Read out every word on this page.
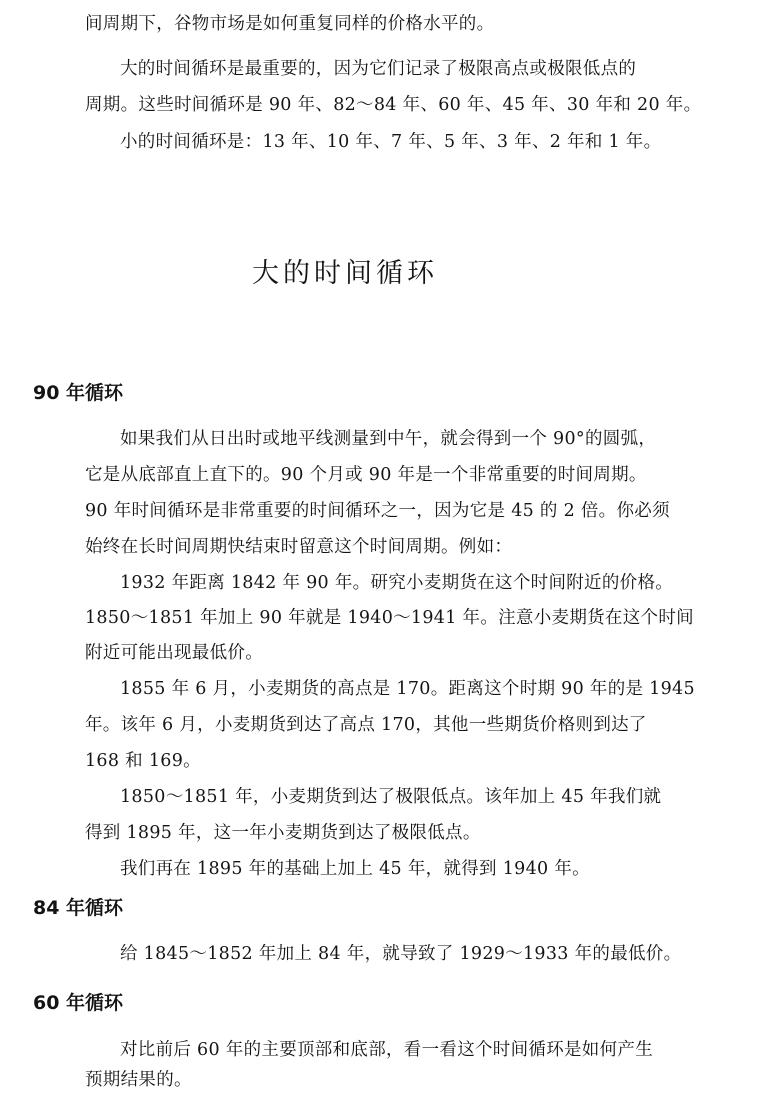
间周期下，谷物市场是如何重复同样的价格水平的。

大的时间循环是最重要的，因为它们记录了极限高点或极限低点的

周期。这些时间循环是 90 年、82～84 年、60 年、45 年、30 年和 20 年。

小的时间循环是：13 年、10 年、7 年、5 年、3 年、2 年和 1 年。

大的时间循环
90 年循环

如果我们从日出时或地平线测量到中午，就会得到一个 90°的圆弧，

它是从底部直上直下的。90 个月或 90 年是一个非常重要的时间周期。

90 年时间循环是非常重要的时间循环之一，因为它是 45 的 2 倍。你必须

始终在长时间周期快结束时留意这个时间周期。例如：

1932 年距离 1842 年 90 年。研究小麦期货在这个时间附近的价格。

1850～1851 年加上 90 年就是 1940～1941 年。注意小麦期货在这个时间

附近可能出现最低价。

1855 年 6 月，小麦期货的高点是 170。距离这个时期 90 年的是 1945

年。该年 6 月，小麦期货到达了高点 170，其他一些期货价格则到达了

168 和 169。

1850～1851 年，小麦期货到达了极限低点。该年加上 45 年我们就

得到 1895 年，这一年小麦期货到达了极限低点。

我们再在 1895 年的基础上加上 45 年，就得到 1940 年。

84 年循环

给 1845～1852 年加上 84 年，就导致了 1929～1933 年的最低价。

60 年循环

对比前后 60 年的主要顶部和底部，看一看这个时间循环是如何产生

预期结果的。
